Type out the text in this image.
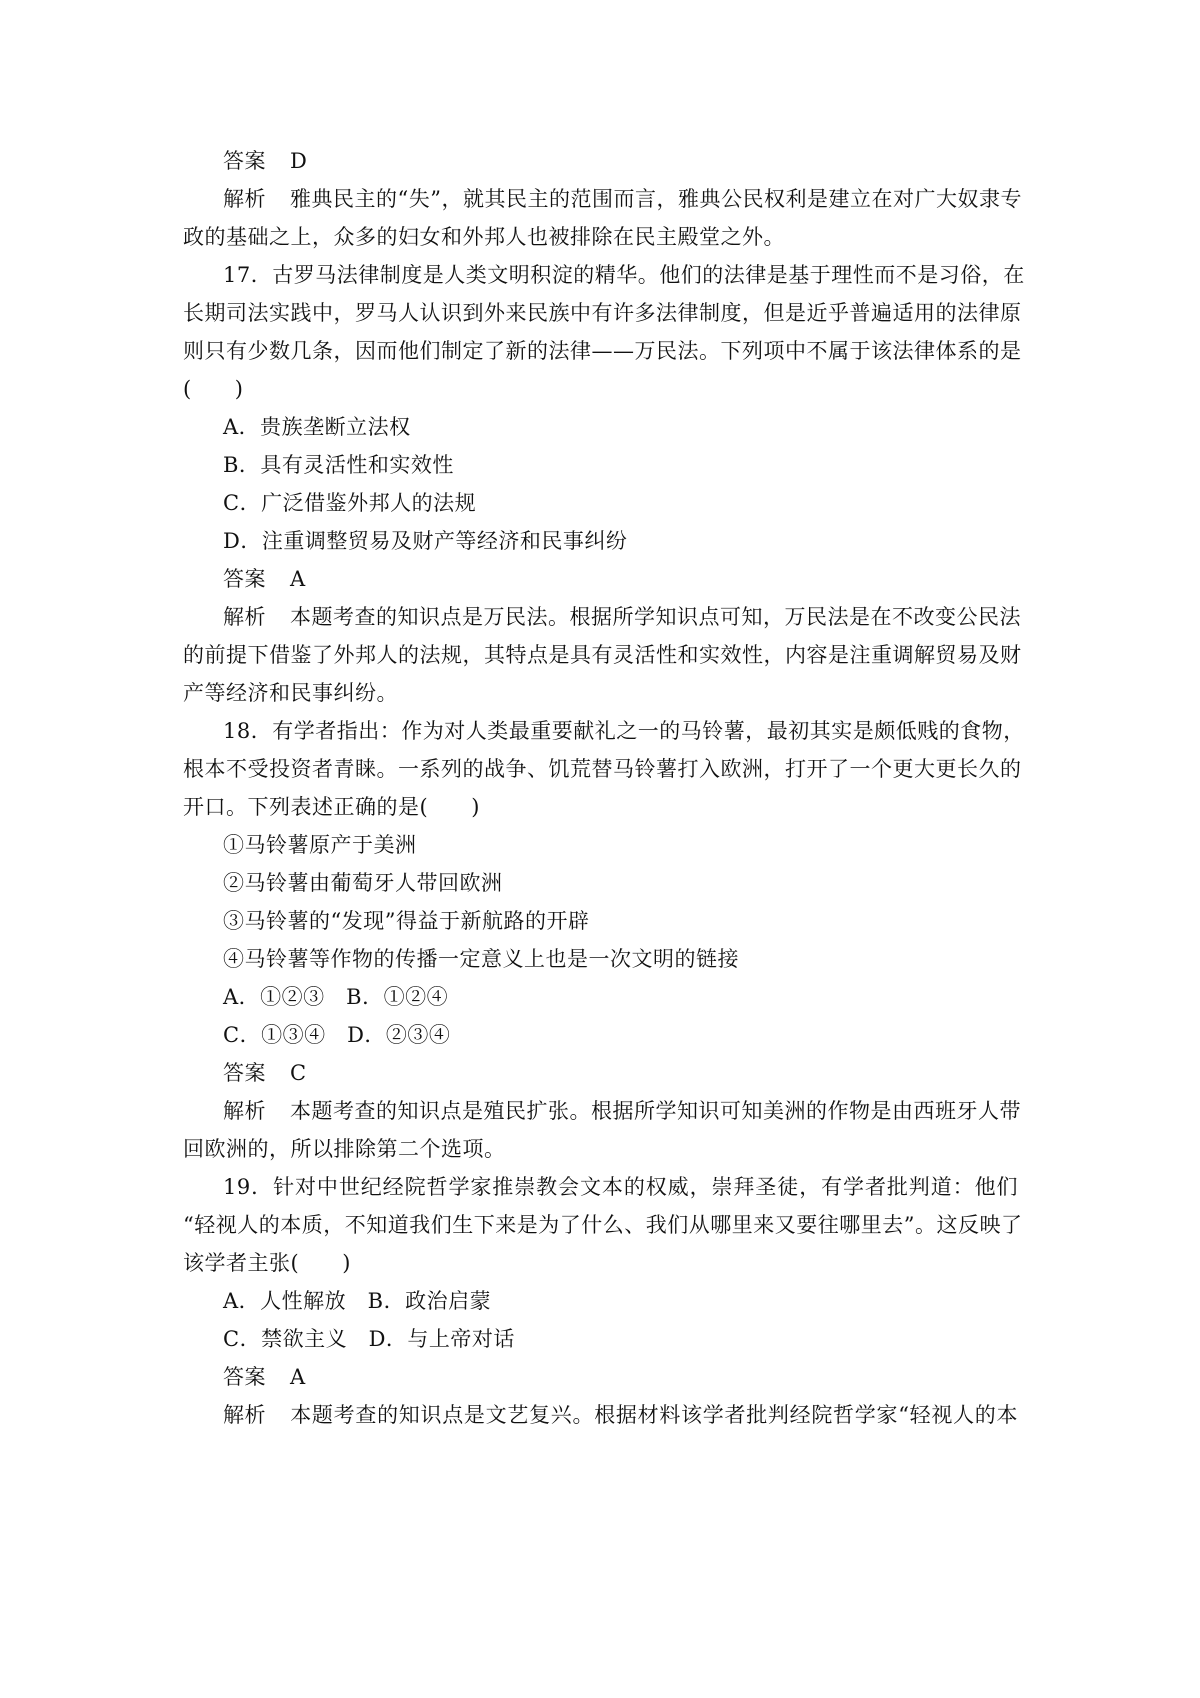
答案 D
解析 雅典民主的“失”，就其民主的范围而言，雅典公民权利是建立在对广大奴隶专
政的基础之上，众多的妇女和外邦人也被排除在民主殿堂之外。
17．古罗马法律制度是人类文明积淀的精华。他们的法律是基于理性而不是习俗，在
长期司法实践中，罗马人认识到外来民族中有许多法律制度，但是近乎普遍适用的法律原
则只有少数几条，因而他们制定了新的法律——万民法。下列项中不属于该法律体系的是
(　　)
A．贵族垄断立法权
B．具有灵活性和实效性
C．广泛借鉴外邦人的法规
D．注重调整贸易及财产等经济和民事纠纷
答案 A
解析 本题考查的知识点是万民法。根据所学知识点可知，万民法是在不改变公民法
的前提下借鉴了外邦人的法规，其特点是具有灵活性和实效性，内容是注重调解贸易及财
产等经济和民事纠纷。
18．有学者指出：作为对人类最重要献礼之一的马铃薯，最初其实是颇低贱的食物，
根本不受投资者青睐。一系列的战争、饥荒替马铃薯打入欧洲，打开了一个更大更长久的
开口。下列表述正确的是(　　)
①马铃薯原产于美洲
②马铃薯由葡萄牙人带回欧洲
③马铃薯的“发现”得益于新航路的开辟
④马铃薯等作物的传播一定意义上也是一次文明的链接
A．①②③　B．①②④
C．①③④　D．②③④
答案 C
解析 本题考查的知识点是殖民扩张。根据所学知识可知美洲的作物是由西班牙人带
回欧洲的，所以排除第二个选项。
19．针对中世纪经院哲学家推崇教会文本的权威，崇拜圣徒，有学者批判道：他们
“轻视人的本质，不知道我们生下来是为了什么、我们从哪里来又要往哪里去”。这反映了
该学者主张(　　)
A．人性解放　B．政治启蒙
C．禁欲主义　D．与上帝对话
答案 A
解析 本题考查的知识点是文艺复兴。根据材料该学者批判经院哲学家“轻视人的本
